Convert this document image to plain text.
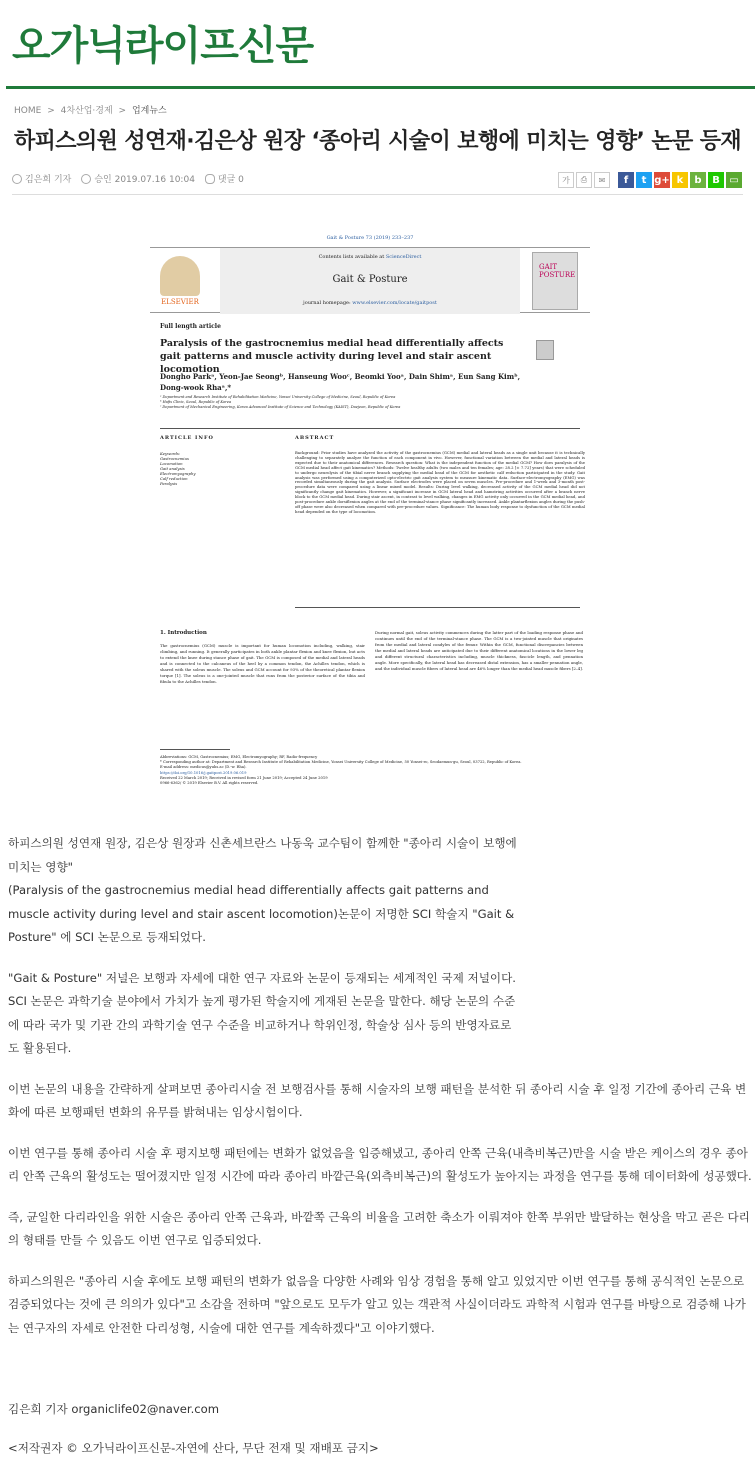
오가닉라이프신문
HOME > 4차산업·경제 > 업계뉴스
하피스의원 성연재·김은상 원장 ‘종아리 시술이 보행에 미치는 영향’ 논문 등재
김은희 기자	승인 2019.07.16 10:04	댓글 0	가	⎙	✉	f	t g+ k	b	B ▭
Gait & Posture 73 (2019) 233–237
ELSEVIER
Contents lists available at ScienceDirect
Gait & Posture
journal homepage: www.elsevier.com/locate/gaitpost
GAIT POSTURE
Full length article
Paralysis of the gastrocnemius medial head differentially affects gait patterns and muscle activity during level and stair ascent locomotion
Dongho Parkᵃ, Yeon-Jae Seongᵇ, Hanseung Wooᶜ, Beomki Yooᵃ, Dain Shimᵃ, Eun Sang Kimᵇ, Dong-wook Rhaᵃ,*
ᵃ Department and Research Institute of Rehabilitation Medicine, Yonsei University College of Medicine, Seoul, Republic of Korea
ᵇ Hafis Clinic, Seoul, Republic of Korea
ᶜ Department of Mechanical Engineering, Korea Advanced Institute of Science and Technology (KAIST), Daejeon, Republic of Korea
ARTICLE INFO	ABSTRACT
Keywords:
Gastrocnemius
Locomotion
Gait analysis
Electromyography
Calf reduction
Paralysis
Background: Prior studies have analyzed the activity of the gastrocnemius (GCM) medial and lateral heads as a single unit because it is technically challenging to separately analyze the function of each component in vivo. However, functional variation between the medial and lateral heads is expected due to their anatomical differences. Research question: What is the independent function of the medial GCM? How does paralysis of the GCM medial head affect gait kinematics? Methods: Twelve healthy adults (two males and ten females; age: 28.2 [± 7.72] years) that were scheduled to undergo neurolysis of the tibial nerve branch supplying the medial head of the GCM for aesthetic calf reduction participated in the study. Gait analysis was performed using a computerized opto-electric gait analysis system to measure kinematic data. Surface-electromyography (EMG) was recorded simultaneously during the gait analysis. Surface electrodes were placed on seven muscles. Pre-procedure and 1-week and 3-month post-procedure data were compared using a linear mixed model. Results: During level walking, decreased activity of the GCM medial head did not significantly change gait kinematics. However, a significant increase in GCM lateral head and hamstring activities occurred after a branch nerve block to the GCM medial head. During stair ascent, in contrast to level walking, changes in EMG activity only occurred in the GCM medial head, and post-procedure ankle dorsiflexion angles at the end of the terminal-stance phase significantly increased. Ankle plantarflexion angles during the push-off phase were also decreased when compared with pre-procedure values. Significance: The human body response to dysfunction of the GCM medial head depended on the type of locomotion.
1. Introduction
The gastrocnemius (GCM) muscle is important for human locomotion including, walking, stair climbing, and running. It generally participates in both ankle plantar flexion and knee flexion, but acts to extend the knee during stance phase of gait. The GCM is composed of the medial and lateral heads and is connected to the calcaneus of the heel by a common tendon, the Achilles tendon, which is shared with the soleus muscle. The soleus and GCM account for 93% of the theoretical plantar flexion torque [1]. The soleus is a one-jointed muscle that runs from the posterior surface of the tibia and fibula to the Achilles tendon.
During normal gait, soleus activity commences during the latter part of the loading response phase and continues until the end of the terminal-stance phase. The GCM is a two-jointed muscle that originates from the medial and lateral condyles of the femur. Within the GCM, functional discrepancies between the medial and lateral heads are anticipated due to their different anatomical locations in the lower leg and different structural characteristics including, muscle thickness, fascicle length, and pennation angle. More specifically, the lateral head has decreased distal extension, has a smaller pennation angle, and the individual muscle fibers of lateral head are 46% longer than the medial head muscle fibers [2–4].
Abbreviations: GCM, Gastrocnemius; EMG, Electromyography; RF, Radio-frequency
* Corresponding author at: Department and Research Institute of Rehabilitation Medicine, Yonsei University College of Medicine, 50 Yonsei-ro, Seodaemun-gu, Seoul, 03722, Republic of Korea.
E-mail address: medicus@yuhs.ac (D.-w. Rha).
https://doi.org/10.1016/j.gaitpost.2019.06.019
Received 22 March 2019; Received in revised form 21 June 2019; Accepted 24 June 2019
0966-6362/ © 2019 Elsevier B.V. All rights reserved.

하피스의원 성연재 원장, 김은상 원장과 신촌세브란스 나동욱 교수팀이 함께한 "종아리 시술이 보행에 미치는 영향"

(Paralysis of the gastrocnemius medial head differentially affects gait patterns and muscle activity during level and stair ascent locomotion)논문이 저명한 SCI 학술지 "Gait & Posture" 에 SCI 논문으로 등재되었다.

"Gait & Posture" 저널은 보행과 자세에 대한 연구 자료와 논문이 등재되는 세계적인 국제 저널이다. SCI 논문은 과학기술 분야에서 가치가 높게 평가된 학술지에 게재된 논문을 말한다. 해당 논문의 수준에 따라 국가 및 기관 간의 과학기술 연구 수준을 비교하거나 학위인정, 학술상 심사 등의 반영자료로도 활용된다.

이번 논문의 내용을 간략하게 살펴보면 종아리시술 전 보행검사를 통해 시술자의 보행 패턴을 분석한 뒤 종아리 시술 후 일정 기간에 종아리 근육 변화에 따른 보행패턴 변화의 유무를 밝혀내는 임상시험이다.

이번 연구를 통해 종아리 시술 후 평지보행 패턴에는 변화가 없었음을 입증해냈고, 종아리 안쪽 근육(내측비복근)만을 시술 받은 케이스의 경우 종아리 안쪽 근육의 활성도는 떨어졌지만 일정 시간에 따라 종아리 바깥근육(외측비복근)의 활성도가 높아지는 과정을 연구를 통해 데이터화에 성공했다.

즉, 균일한 다리라인을 위한 시술은 종아리 안쪽 근육과, 바깥쪽 근육의 비율을 고려한 축소가 이뤄져야 한쪽 부위만 발달하는 현상을 막고 곧은 다리의 형태를 만들 수 있음도 이번 연구로 입증되었다.

하피스의원은 "종아리 시술 후에도 보행 패턴의 변화가 없음을 다양한 사례와 임상 경험을 통해 알고 있었지만 이번 연구를 통해 공식적인 논문으로 검증되었다는 것에 큰 의의가 있다"고 소감을 전하며 "앞으로도 모두가 알고 있는 객관적 사실이더라도 과학적 시험과 연구를 바탕으로 검증해 나가는 연구자의 자세로 안전한 다리성형, 시술에 대한 연구를 계속하겠다"고 이야기했다.

김은희 기자 organiclife02@naver.com
<저작권자 © 오가닉라이프신문-자연에 산다, 무단 전재 및 재배포 금지>
